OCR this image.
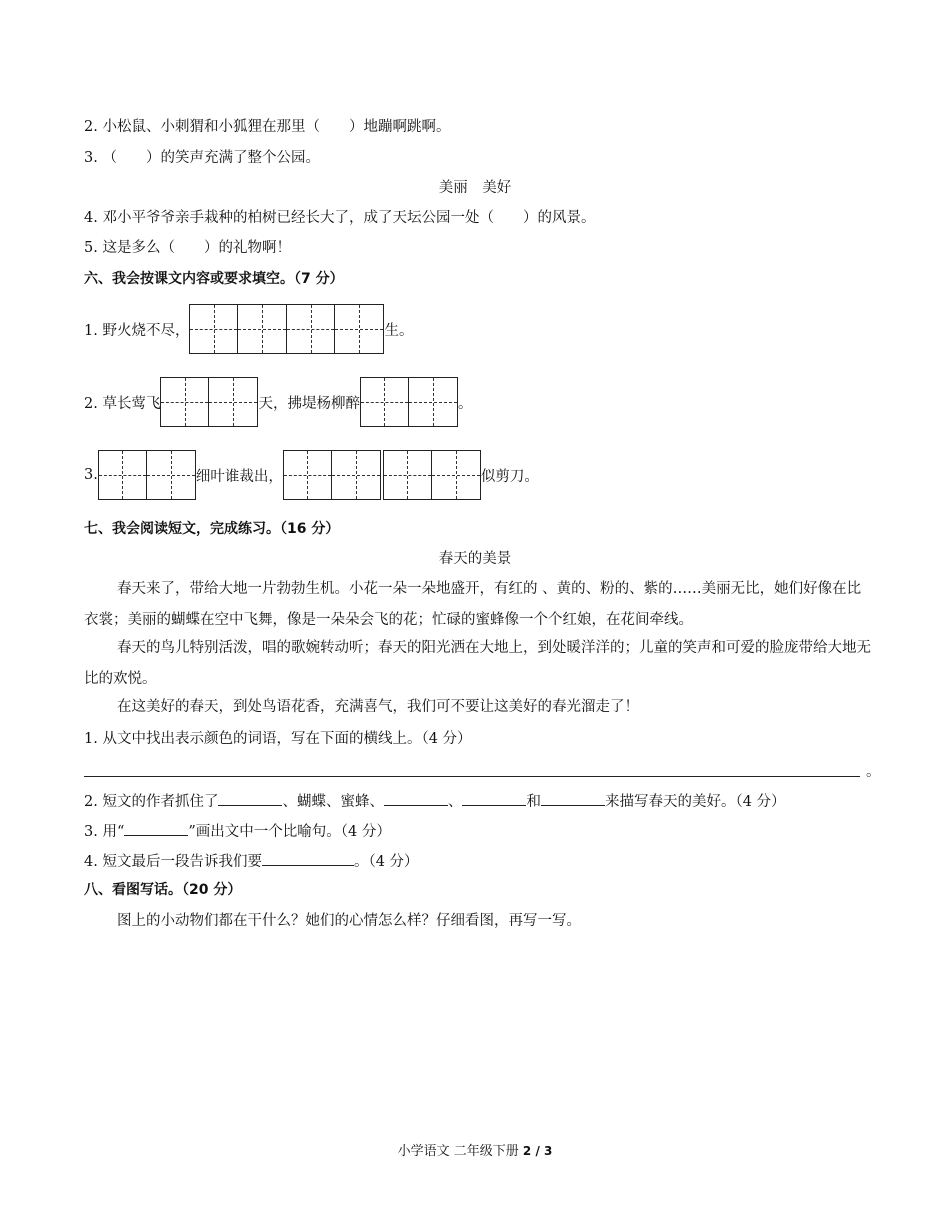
2. 小松鼠、小刺猬和小狐狸在那里（　　）地蹦啊跳啊。
3. （　　）的笑声充满了整个公园。
美丽　美好
4. 邓小平爷爷亲手栽种的柏树已经长大了，成了天坛公园一处（　　）的风景。
5. 这是多么（　　）的礼物啊！
六、我会按课文内容或要求填空。（7 分）
1. 野火烧不尽，	生。
2. 草长莺飞	天，拂堤杨柳醉	。
3.	细叶谁裁出，	似剪刀。
七、我会阅读短文，完成练习。（16 分）
春天的美景
春天来了，带给大地一片勃勃生机。小花一朵一朵地盛开，有红的 、黄的、粉的、紫的……美丽无比，她们好像在比衣裳；美丽的蝴蝶在空中飞舞，像是一朵朵会飞的花；忙碌的蜜蜂像一个个红娘，在花间牵线。
春天的鸟儿特别活泼，唱的歌婉转动听；春天的阳光洒在大地上，到处暖洋洋的；儿童的笑声和可爱的脸庞带给大地无比的欢悦。
在这美好的春天，到处鸟语花香，充满喜气，我们可不要让这美好的春光溜走了！
1. 从文中找出表示颜色的词语，写在下面的横线上。（4 分）
。
2. 短文的作者抓住了	、蝴蝶、蜜蜂、	、	和	来描写春天的美好。（4 分）
3. 用“	”画出文中一个比喻句。（4 分）
4. 短文最后一段告诉我们要	。（4 分）
八、看图写话。（20 分）
图上的小动物们都在干什么？她们的心情怎么样？仔细看图，再写一写。
小学语文 二年级下册 2 / 3
